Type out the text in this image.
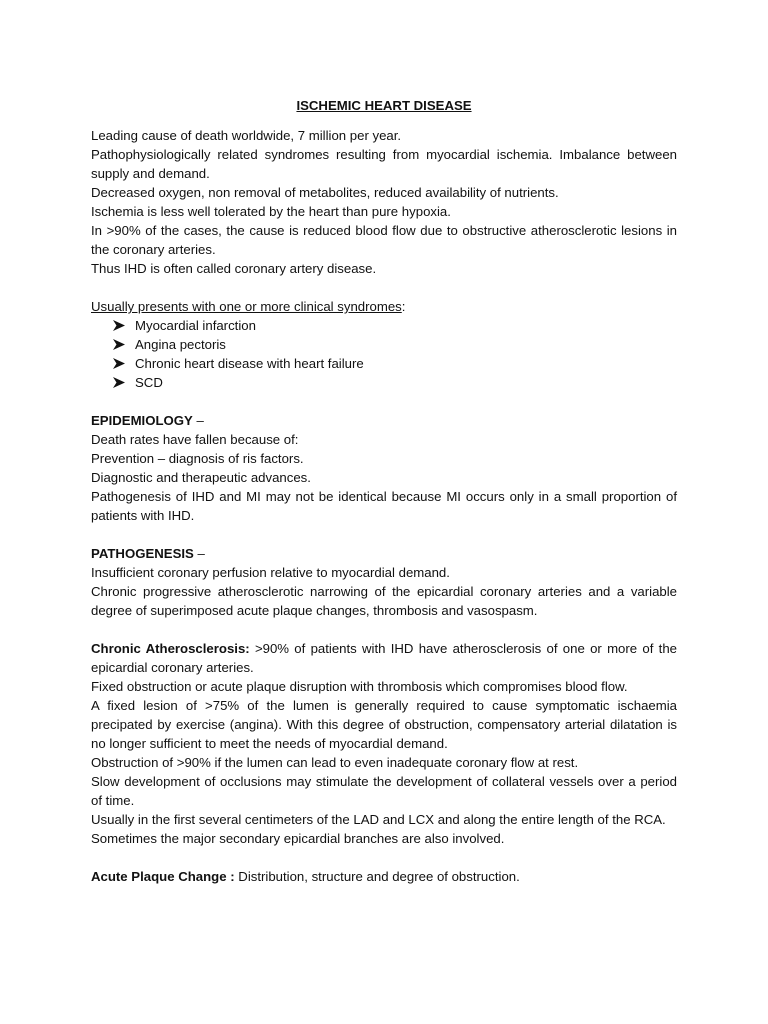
ISCHEMIC HEART DISEASE

Leading cause of death worldwide, 7 million per year.

Pathophysiologically related syndromes resulting from myocardial ischemia. Imbalance between supply and demand.

Decreased oxygen, non removal of metabolites, reduced availability of nutrients.

Ischemia is less well tolerated by the heart than pure hypoxia.

In >90% of the cases, the cause is reduced blood flow due to obstructive atherosclerotic lesions in the coronary arteries.

Thus IHD is often called coronary artery disease.

Usually presents with one or more clinical syndromes:

Myocardial infarction
Angina pectoris
Chronic heart disease with heart failure
SCD

EPIDEMIOLOGY –

Death rates have fallen because of:

Prevention – diagnosis of ris factors.

Diagnostic and therapeutic advances.

Pathogenesis of IHD and MI may not be identical because MI occurs only in a small proportion of patients with IHD.

PATHOGENESIS –

Insufficient coronary perfusion relative to myocardial demand.

Chronic progressive atherosclerotic narrowing of the epicardial coronary arteries and a variable degree of superimposed acute plaque changes, thrombosis and vasospasm.

Chronic Atherosclerosis: >90% of patients with IHD have atherosclerosis of one or more of the epicardial coronary arteries.

Fixed obstruction or acute plaque disruption with thrombosis which compromises blood flow.

A fixed lesion of >75% of the lumen is generally required to cause symptomatic ischaemia precipated by exercise (angina). With this degree of obstruction, compensatory arterial dilatation is no longer sufficient to meet the needs of myocardial demand.

Obstruction of >90% if the lumen can lead to even inadequate coronary flow at rest.

Slow development of occlusions may stimulate the development of collateral vessels over a period of time.

Usually in the first several centimeters of the LAD and LCX and along the entire length of the RCA.

Sometimes the major secondary epicardial branches are also involved.

Acute Plaque Change : Distribution, structure and degree of obstruction.
